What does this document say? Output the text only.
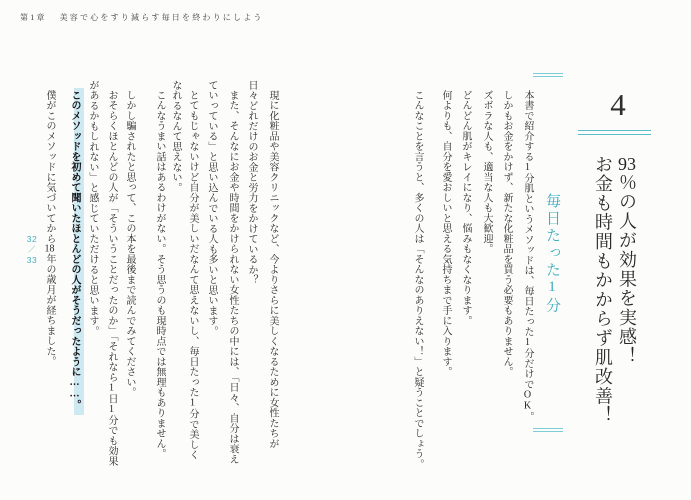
第1章 美容で心をすり減らす毎日を終わりにしよう
32
／
33
4
93％の人が効果を実感！
お金も時間もかからず肌改善！
毎日たった1分
本書で紹介する1分肌というメソッドは、毎日たった1分だけでOK。
しかもお金をかけず、新たな化粧品を買う必要もありません。
ズボラな人も、適当な人も大歓迎。
どんどん肌がキレイになり、悩みもなくなります。
何よりも、自分を愛おしいと思える気持ちまで手に入ります。
こんなことを言うと、多くの人は「そんなのありえない！」と疑うことでしょう。
現に化粧品や美容クリニックなど、今よりさらに美しくなるために女性たちが
日々どれだけのお金と労力をかけているか？
また、そんなにお金や時間をかけられない女性たちの中には、「日々、自分は衰え
ていっている」と思い込んでいる人も多いと思います。
とてもじゃないけど自分が美しいだなんて思えないし、毎日たった1分で美しく
なれるなんて思えない。
こんなうまい話はあるわけがない。そう思うのも現時点では無理もありません。
しかし騙されたと思って、この本を最後まで読んでみてください。
おそらくほとんどの人が「そういうことだったのか」「それなら1日1分でも効果
があるかもしれない」と感じていただけると思います。
このメソッドを初めて聞いたほとんどの人がそうだったように……。
僕がこのメソッドに気づいてから18年の歳月が経ちました。
